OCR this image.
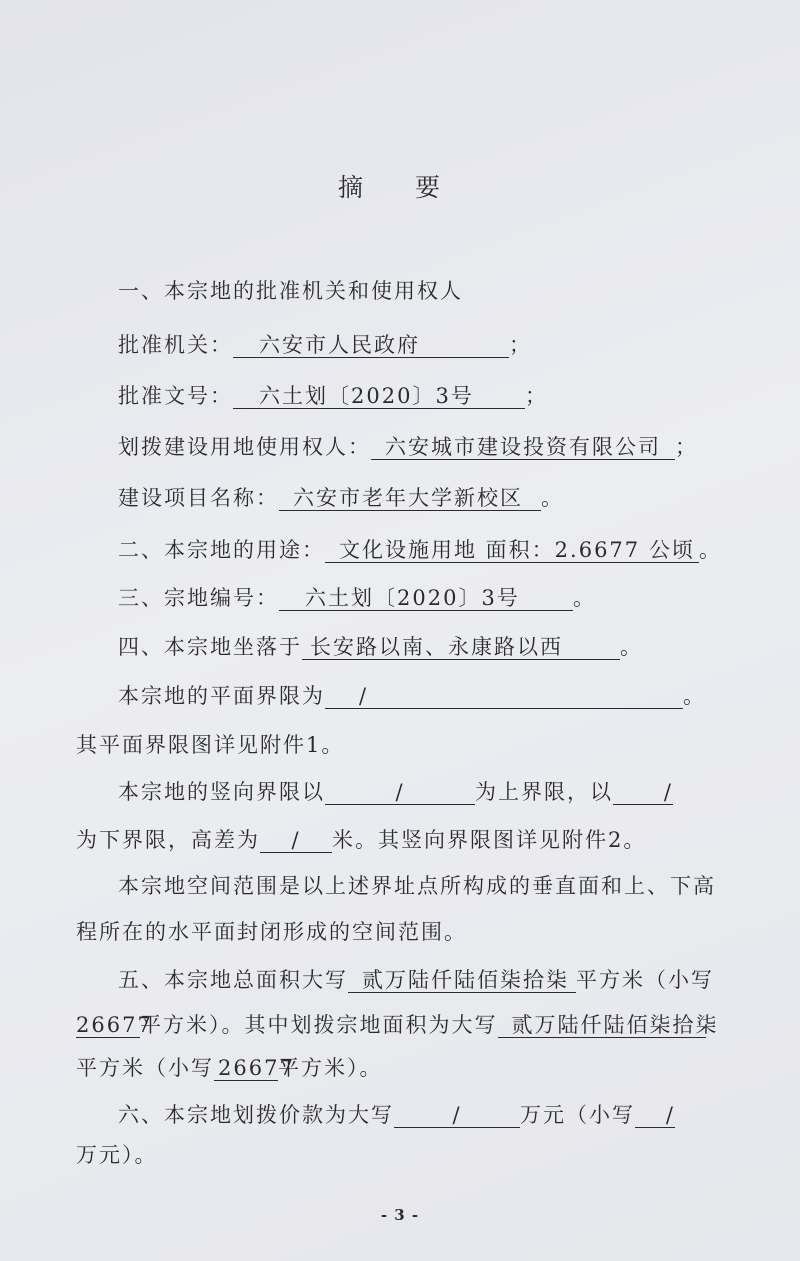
摘 要
一、本宗地的批准机关和使用权人
批准机关： 六安市人民政府	；
批准文号： 六土划〔2020〕3号 ；
划拨建设用地使用权人： 六安城市建设投资有限公司 ；
建设项目名称： 六安市老年大学新校区 。
二、本宗地的用途： 文化设施用地 面积：2.6677 公顷 。
三、宗地编号： 六土划〔2020〕3号	。
四、本宗地坐落于 长安路以南、永康路以西	。
本宗地的平面界限为 /	。
其平面界限图详见附件1。
本宗地的竖向界限以	/	为上界限，以 /
为下界限，高差为 / 米。其竖向界限图详见附件2。
本宗地空间范围是以上述界址点所构成的垂直面和上、下高
程所在的水平面封闭形成的空间范围。
五、本宗地总面积大写 贰万陆仟陆佰柒拾柒 平方米（小写
26677平方米）。其中划拨宗地面积为大写 贰万陆仟陆佰柒拾柒
平方米（小写 26677平方米）。
六、本宗地划拨价款为大写	/	万元（小写 /
万元）。
- 3 -
